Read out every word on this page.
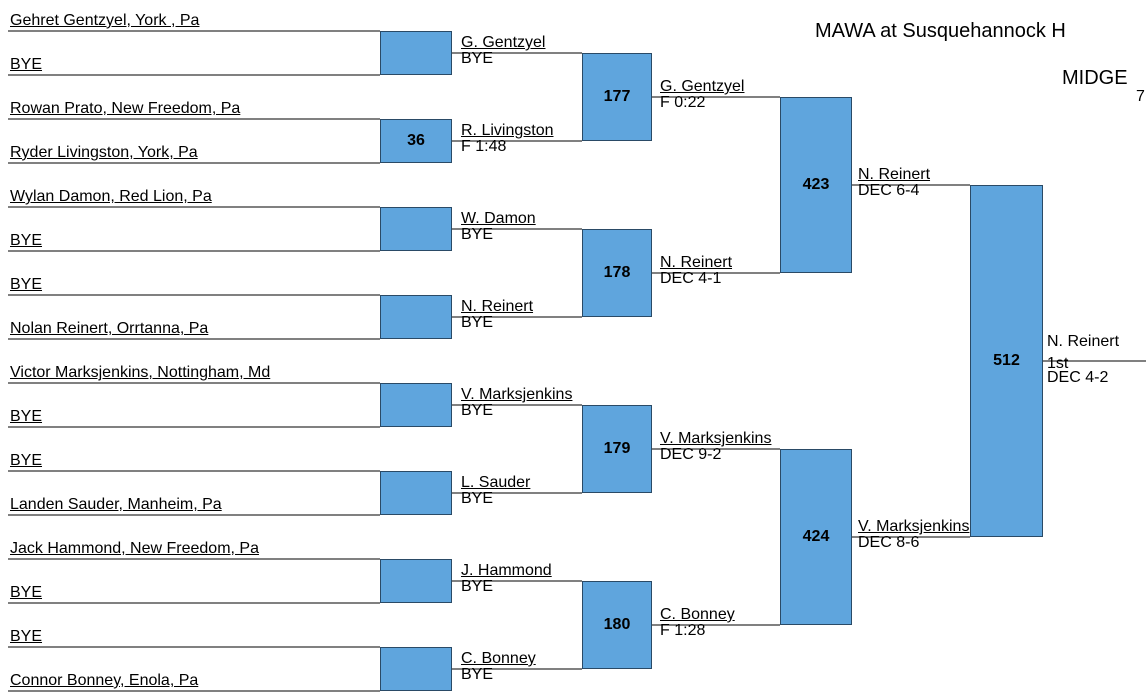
Gehret Gentzyel, York , Pa
BYE
Rowan Prato, New Freedom, Pa
Ryder Livingston, York, Pa
Wylan Damon, Red Lion, Pa
BYE
BYE
Nolan Reinert, Orrtanna, Pa
Victor Marksjenkins, Nottingham, Md
BYE
BYE
Landen Sauder, Manheim, Pa
Jack Hammond, New Freedom, Pa
BYE
BYE
Connor Bonney, Enola, Pa
36
G. Gentzyel
BYE
R. Livingston
F 1:48
W. Damon
BYE
N. Reinert
BYE
V. Marksjenkins
BYE
L. Sauder
BYE
J. Hammond
BYE
C. Bonney
BYE
177
178
179
180
G. Gentzyel
F 0:22
N. Reinert
DEC 4-1
V. Marksjenkins
DEC 9-2
C. Bonney
F 1:28
423
424
N. Reinert
DEC 6-4
V. Marksjenkins
DEC 8-6
512
N. Reinert
1st
DEC 4-2
MAWA at Susquehannock H
MIDGE
7
